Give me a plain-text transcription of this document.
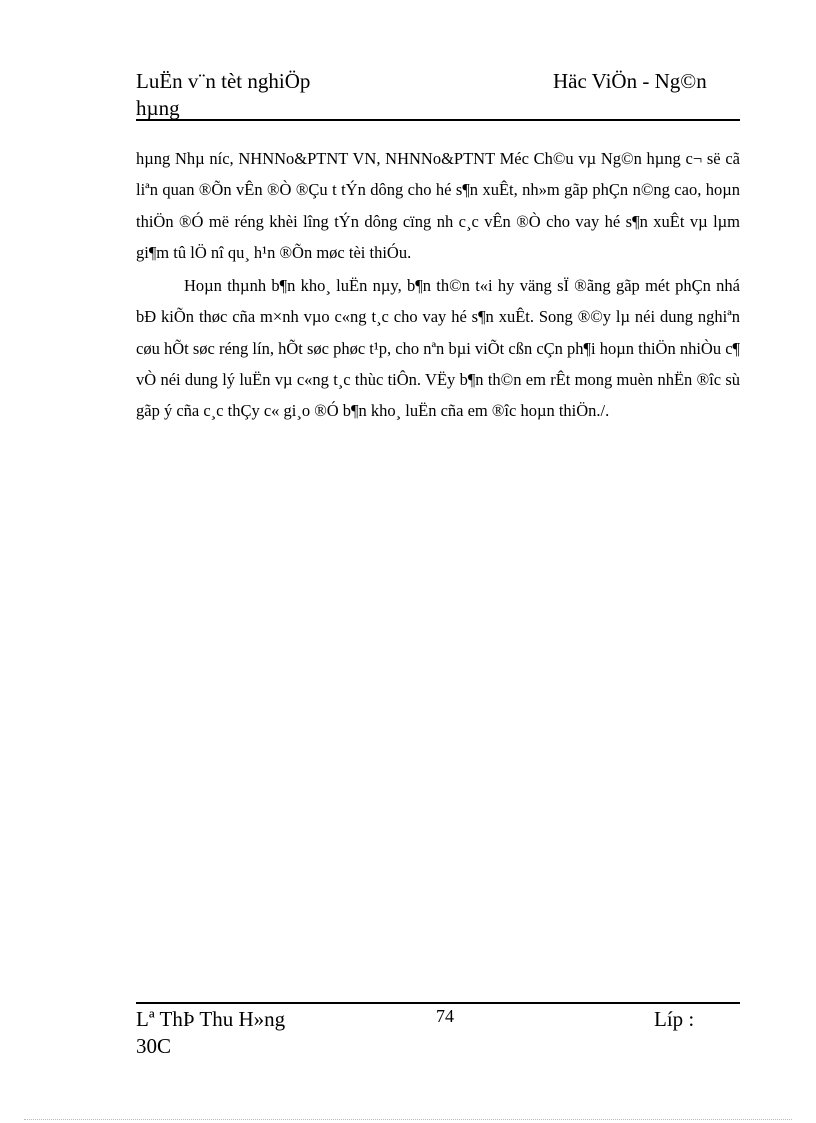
LuËn v¨n tèt nghiÖp
hµng
Häc ViÖn - Ng©n

hµng Nhµ níc, NHNNo&PTNT VN, NHNNo&PTNT Méc Ch©u vµ Ng©n hµng c¬ së cã liªn quan ®Õn vÊn ®Ò ®Çu t tÝn dông cho hé s¶n xuÊt, nh»m gãp phÇn n©ng cao, hoµn thiÖn ®Ó më réng khèi lîng tÝn dông cïng nh c¸c vÊn ®Ò cho vay hé s¶n xuÊt vµ lµm gi¶m tû lÖ nî qu¸ h¹n ®Õn møc tèi thiÓu.

Hoµn thµnh b¶n kho¸ luËn nµy, b¶n th©n t«i hy väng sÏ ®ãng gãp mét phÇn nhá bÐ kiÕn thøc cña m×nh vµo c«ng t¸c cho vay hé s¶n xuÊt. Song ®©y lµ néi dung nghiªn cøu hÕt søc réng lín, hÕt søc phøc t¹p, cho nªn bµi viÕt cßn cÇn ph¶i hoµn thiÖn nhiÒu c¶ vÒ néi dung lý luËn vµ c«ng t¸c thùc tiÔn. VËy b¶n th©n em rÊt mong muèn nhËn ®îc sù gãp ý cña c¸c thÇy c« gi¸o ®Ó b¶n kho¸ luËn cña em ®îc hoµn thiÖn./.

Lª ThÞ Thu H»ng
30C
74	Líp :
